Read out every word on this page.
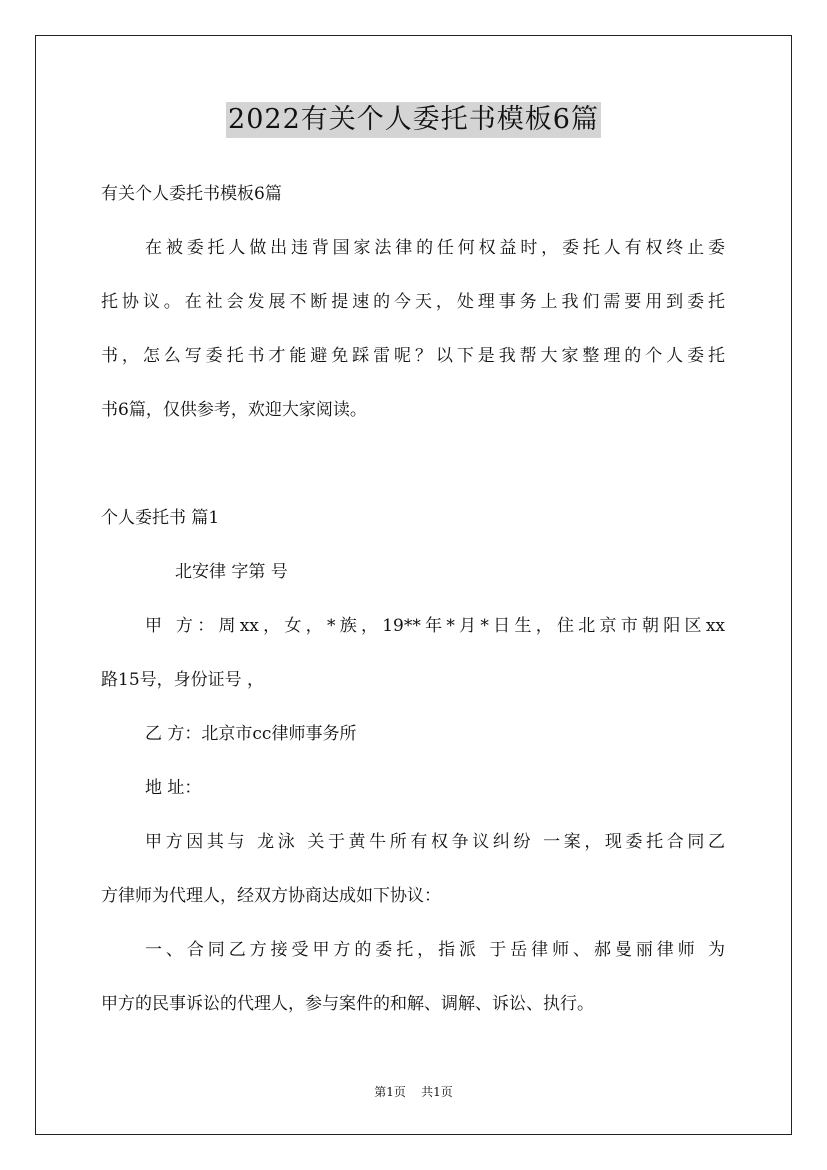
2022有关个人委托书模板6篇
有关个人委托书模板6篇
在被委托人做出违背国家法律的任何权益时，委托人有权终止委
托协议。在社会发展不断提速的今天，处理事务上我们需要用到委托
书，怎么写委托书才能避免踩雷呢？以下是我帮大家整理的个人委托
书6篇，仅供参考，欢迎大家阅读。
个人委托书 篇1
北安律 字第 号
甲 方：周xx，女，*族，19**年*月*日生，住北京市朝阳区xx
路15号，身份证号 ，
乙 方：北京市cc律师事务所
地 址：
甲方因其与 龙泳 关于黄牛所有权争议纠纷 一案，现委托合同乙
方律师为代理人，经双方协商达成如下协议：
一、合同乙方接受甲方的委托，指派 于岳律师、郝曼丽律师 为
甲方的民事诉讼的代理人，参与案件的和解、调解、诉讼、执行。
第1页 共1页
